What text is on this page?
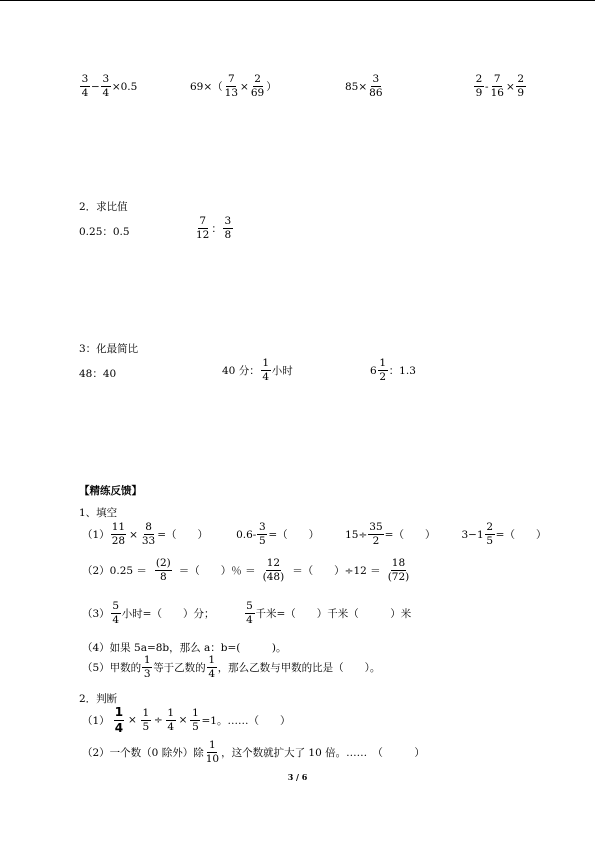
$\frac{3}{4} - \frac{3}{4} \times 0.5$	$69\times( \frac{7}{13} \times \frac{2}{69}$ ）	$85\times \frac{3}{86}$	$\frac{2}{9} - \frac{7}{16} \times \frac{2}{9}$
2．求比值
0.25：0.5	$\frac{7}{12}$ ： $\frac{3}{8}$
3：化最简比
48：40	40 分： $\frac{1}{4}$ 小时	$6 \frac{1}{2}$ ：1.3
【精练反馈】
1、填空
$(1) \frac{11}{28} \times \frac{8}{33}$ =（　　）	$0.6- \frac{3}{5}$ =（　　） $15\div \frac{35}{2}$ =（　　） $3-1 \frac{2}{5}$ =（　　）
$(2)0.25 = \frac{(2)}{8}$ ＝（　　）％ ＝ $\frac{12}{(48)}$ ＝（　　）$\div 12 = \frac{18}{(72)}$
$(3) \frac{5}{4}$ 小时=（　　）分；	$\frac{5}{4}$ 千米=（　　）千米（　　　）米
（4）如果 5a=8b，那么 a：b=(　　　)。
（5）甲数的 $\frac{1}{3}$ 等于乙数的 $\frac{1}{4}$ ，那么乙数与甲数的比是（　　）。
2．判断
$(1) \frac{1}{4} \times \frac{1}{5} \div \frac{1}{4} \times \frac{1}{5} =1$。……（　　）
（2）一个数（0 除外）除 $\frac{1}{10}$ ，这个数就扩大了 10 倍。……　（　　　）
3 / 6
